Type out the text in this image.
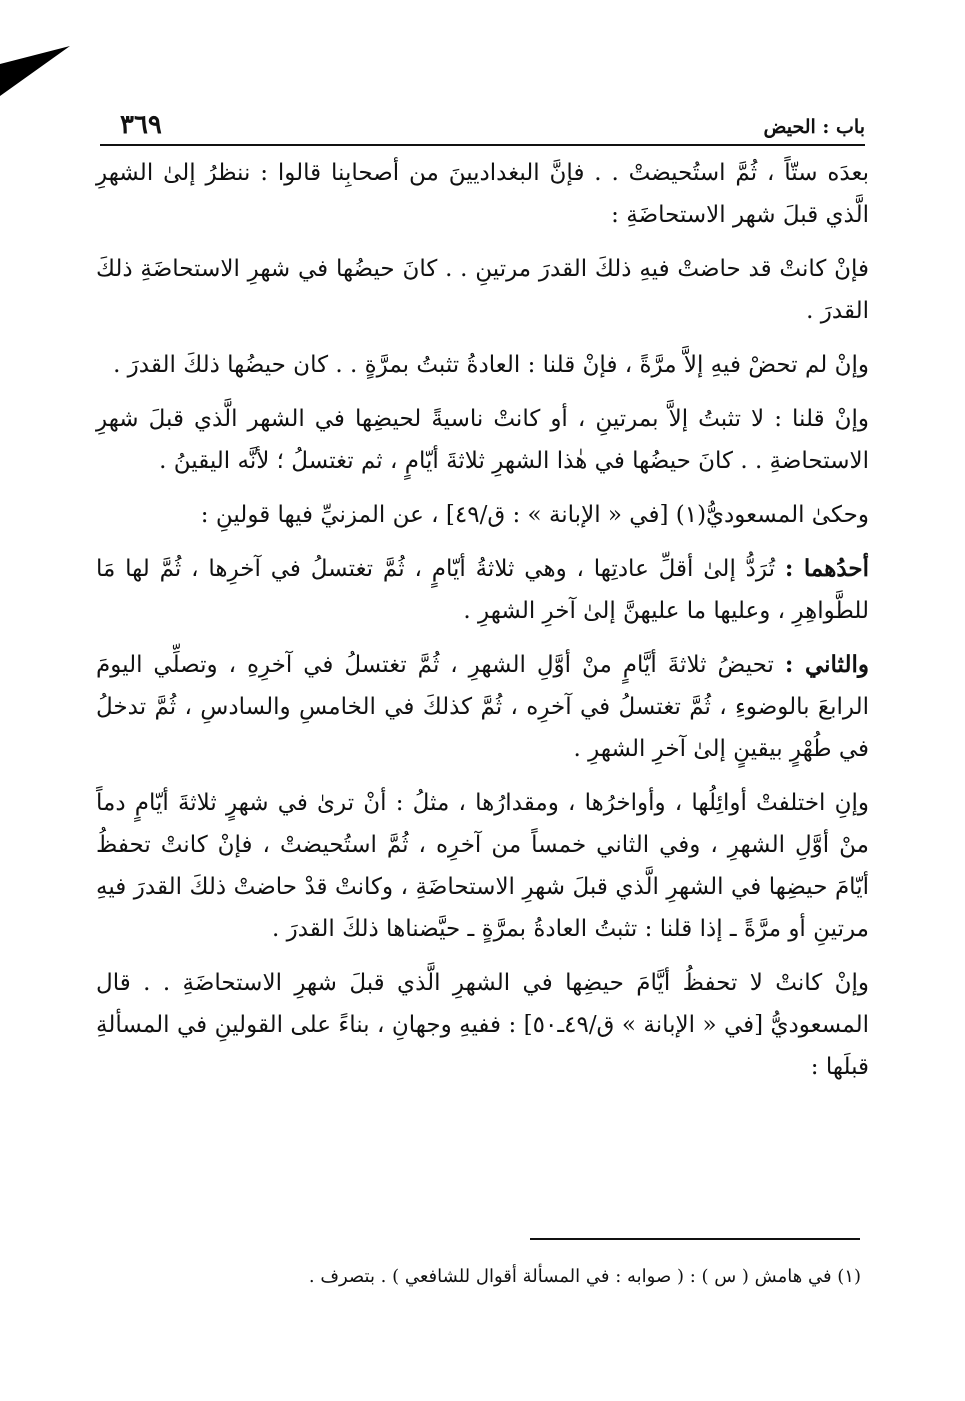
باب : الحيض
٣٦٩

بعدَه ستّاً ، ثُمَّ استُحيضتْ . . فإنَّ البغداديينَ من أصحابِنا قالوا : ننظرُ إلىٰ الشهرِ الَّذي قبلَ شهر الاستحاضَةِ :

فإنْ كانتْ قد حاضتْ فيهِ ذلكَ القدرَ مرتينِ . . كانَ حيضُها في شهرِ الاستحاضَةِ ذلكَ القدرَ .

وإنْ لم تحضْ فيهِ إلاَّ مرَّةً ، فإنْ قلنا : العادةُ تثبتُ بمرَّةٍ . . كان حيضُها ذلكَ القدرَ .

وإنْ قلنا : لا تثبتُ إلاَّ بمرتينِ ، أو كانتْ ناسيةً لحيضِها في الشهر الَّذي قبلَ شهرِ الاستحاضةِ . . كانَ حيضُها في هٰذا الشهرِ ثلاثةَ أيّامٍ ، ثم تغتسلُ ؛ لأنَّه اليقينُ .

وحكىٰ المسعوديُّ(١) [في « الإبانة » : ق/٤٩] ، عن المزنيِّ فيها قولينِ :

أحدُهما : تُرَدُّ إلىٰ أقلِّ عادتِها ، وهي ثلاثةُ أيّامٍ ، ثُمَّ تغتسلُ في آخرِها ، ثُمَّ لها مَا للطَّواهِرِ ، وعليها ما عليهنَّ إلىٰ آخرِ الشهرِ .

والثاني : تحيضُ ثلاثةَ أيَّامٍ منْ أوَّلِ الشهرِ ، ثُمَّ تغتسلُ في آخرِهِ ، وتصلِّي اليومَ الرابعَ بالوضوءِ ، ثُمَّ تغتسلُ في آخرِه ، ثُمَّ كذلكَ في الخامسِ والسادسِ ، ثُمَّ تدخلُ في طُهْرٍ بيقينٍ إلىٰ آخرِ الشهرِ .

وإنِ اختلفتْ أوائِلُها ، وأواخرُها ، ومقدارُها ، مثلُ : أنْ ترىٰ في شهرٍ ثلاثةَ أيّامٍ دماً منْ أوَّلِ الشهرِ ، وفي الثاني خمساً من آخرِه ، ثُمَّ استُحيضتْ ، فإنْ كانتْ تحفظُ أيّامَ حيضِها في الشهرِ الَّذي قبلَ شهرِ الاستحاضَةِ ، وكانتْ قدْ حاضتْ ذلكَ القدرَ فيهِ مرتينِ أو مرَّةً ـ إذا قلنا : تثبتُ العادةُ بمرَّةٍ ـ حيَّضناها ذلكَ القدرَ .

وإنْ كانتْ لا تحفظُ أيَّامَ حيضِها في الشهرِ الَّذي قبلَ شهرِ الاستحاضَةِ . . قال المسعوديُّ [في « الإبانة » ق/٤٩ـ٥٠] : ففيهِ وجهانِ ، بناءً على القولينِ في المسألةِ قبلَها :

(١) في هامش ( س ) : ( صوابه : في المسألة أقوال للشافعي ) . بتصرف .
